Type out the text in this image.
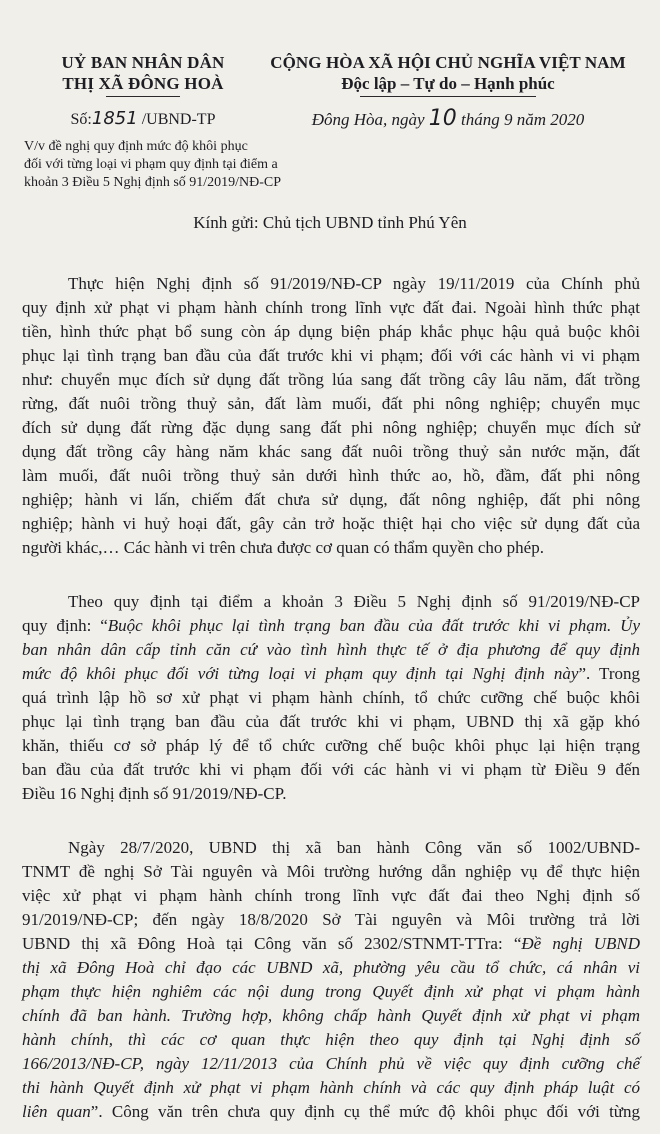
UỶ BAN NHÂN DÂN
THỊ XÃ ĐÔNG HOÀ
CỘNG HÒA XÃ HỘI CHỦ NGHĨA VIỆT NAM
Độc lập – Tự do – Hạnh phúc
Số:1851 /UBND-TP	Đông Hòa, ngày 10 tháng 9 năm 2020
V/v đề nghị quy định mức độ khôi phục
đối với từng loại vi phạm quy định tại điểm a
khoản 3 Điều 5 Nghị định số 91/2019/NĐ-CP
Kính gửi: Chủ tịch UBND tỉnh Phú Yên

Thực hiện Nghị định số 91/2019/NĐ-CP ngày 19/11/2019 của Chính phủ
quy định xử phạt vi phạm hành chính trong lĩnh vực đất đai. Ngoài hình thức phạt
tiền, hình thức phạt bổ sung còn áp dụng biện pháp khắc phục hậu quả buộc khôi
phục lại tình trạng ban đầu của đất trước khi vi phạm; đối với các hành vi vi phạm
như: chuyển mục đích sử dụng đất trồng lúa sang đất trồng cây lâu năm, đất trồng
rừng, đất nuôi trồng thuỷ sản, đất làm muối, đất phi nông nghiệp; chuyển mục
đích sử dụng đất rừng đặc dụng sang đất phi nông nghiệp; chuyển mục đích sử
dụng đất trồng cây hàng năm khác sang đất nuôi trồng thuỷ sản nước mặn, đất
làm muối, đất nuôi trồng thuỷ sản dưới hình thức ao, hồ, đầm, đất phi nông
nghiệp; hành vi lấn, chiếm đất chưa sử dụng, đất nông nghiệp, đất phi nông
nghiệp; hành vi huỷ hoại đất, gây cản trở hoặc thiệt hại cho việc sử dụng đất của
người khác,… Các hành vi trên chưa được cơ quan có thẩm quyền cho phép.

Theo quy định tại điểm a khoản 3 Điều 5 Nghị định số 91/2019/NĐ-CP
quy định: “Buộc khôi phục lại tình trạng ban đầu của đất trước khi vi phạm. Ủy
ban nhân dân cấp tỉnh căn cứ vào tình hình thực tế ở địa phương để quy định
mức độ khôi phục đối với từng loại vi phạm quy định tại Nghị định này”. Trong
quá trình lập hồ sơ xử phạt vi phạm hành chính, tổ chức cưỡng chế buộc khôi
phục lại tình trạng ban đầu của đất trước khi vi phạm, UBND thị xã gặp khó
khăn, thiếu cơ sở pháp lý để tổ chức cưỡng chế buộc khôi phục lại hiện trạng
ban đầu của đất trước khi vi phạm đối với các hành vi vi phạm từ Điều 9 đến
Điều 16 Nghị định số 91/2019/NĐ-CP.

Ngày 28/7/2020, UBND thị xã ban hành Công văn số 1002/UBND-
TNMT đề nghị Sở Tài nguyên và Môi trường hướng dẫn nghiệp vụ để thực hiện
việc xử phạt vi phạm hành chính trong lĩnh vực đất đai theo Nghị định số
91/2019/NĐ-CP; đến ngày 18/8/2020 Sở Tài nguyên và Môi trường trả lời
UBND thị xã Đông Hoà tại Công văn số 2302/STNMT-TTra: “Đề nghị UBND
thị xã Đông Hoà chỉ đạo các UBND xã, phường yêu cầu tổ chức, cá nhân vi
phạm thực hiện nghiêm các nội dung trong Quyết định xử phạt vi phạm hành
chính đã ban hành. Trường hợp, không chấp hành Quyết định xử phạt vi phạm
hành chính, thì các cơ quan thực hiện theo quy định tại Nghị định số
166/2013/NĐ-CP, ngày 12/11/2013 của Chính phủ về việc quy định cưỡng chế
thi hành Quyết định xử phạt vi phạm hành chính và các quy định pháp luật có
liên quan”. Công văn trên chưa quy định cụ thể mức độ khôi phục đối với từng
